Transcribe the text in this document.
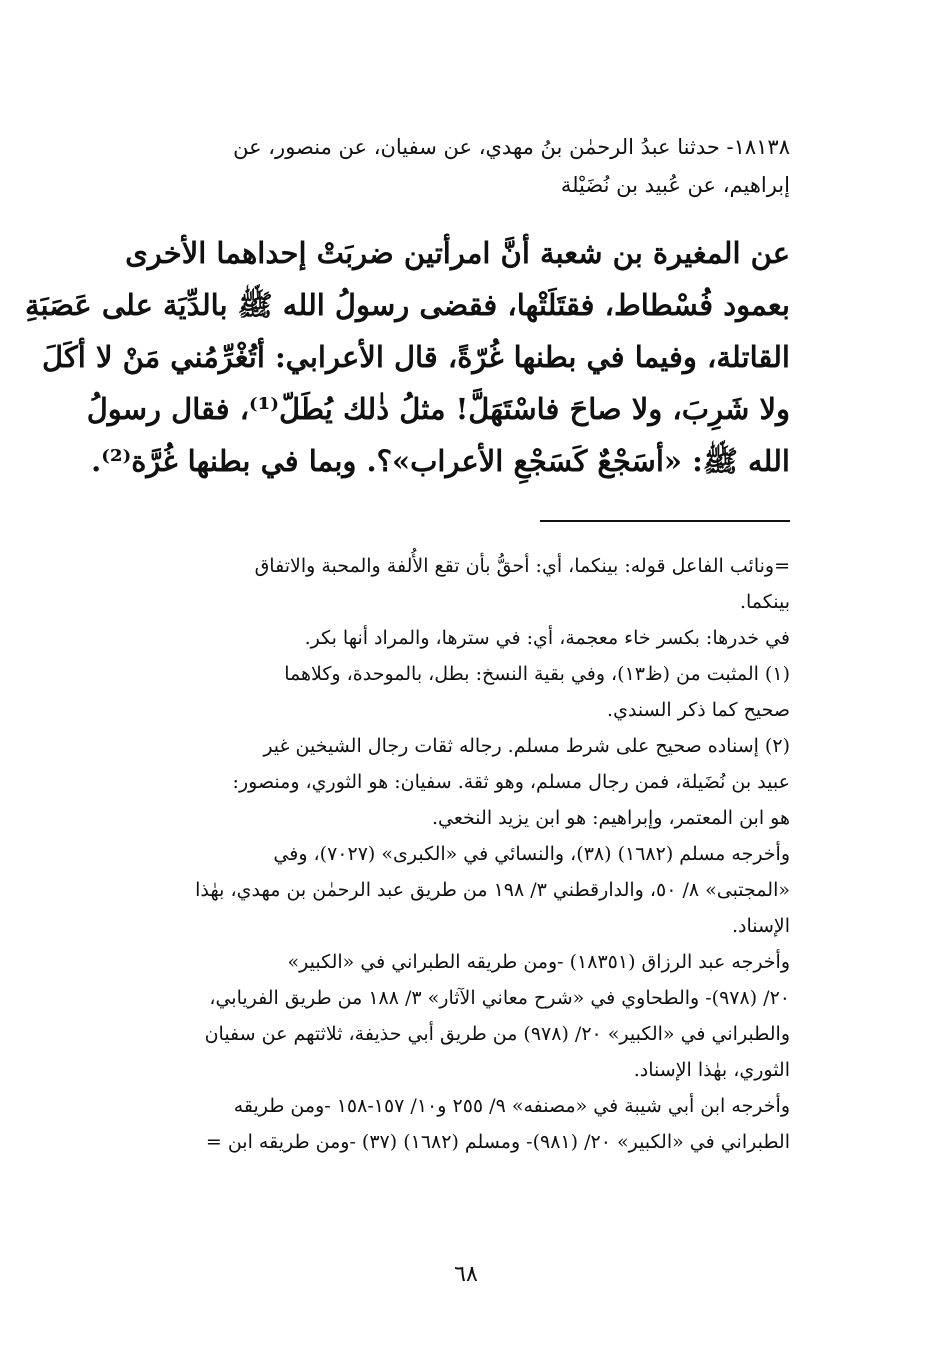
١٨١٣٨- حدثنا عبدُ الرحمٰن بنُ مهدي، عن سفيان، عن منصور، عن
إبراهيم، عن عُبيد بن نُضَيْلة
عن المغيرة بن شعبة أنَّ امرأتين ضربَتْ إحداهما الأخرى
بعمود فُسْطاط، فقتَلَتْها، فقضى رسولُ الله ﷺ بالدِّيَة على عَصَبَةِ
القاتلة، وفيما في بطنها غُرّةً، قال الأعرابي: أتُغْرِّمُني مَنْ لا أكَلَ
ولا شَرِبَ، ولا صاحَ فاسْتَهَلَّ! مثلُ ذٰلك يُطَلّ⁽¹⁾، فقال رسولُ
الله ﷺ: «أسَجْعٌ كَسَجْعِ الأعراب»؟. وبما في بطنها غُرَّة⁽²⁾.
=ونائب الفاعل قوله: بينكما، أي: أحقُّ بأن تقع الأُلفة والمحبة والاتفاق
بينكما.
في خدرها: بكسر خاء معجمة، أي: في سترها، والمراد أنها بكر.
(١) المثبت من (ظ١٣)، وفي بقية النسخ: بطل، بالموحدة، وكلاهما
صحيح كما ذكر السندي.
(٢) إسناده صحيح على شرط مسلم. رجاله ثقات رجال الشيخين غير
عبيد بن نُضَيلة، فمن رجال مسلم، وهو ثقة. سفيان: هو الثوري، ومنصور:
هو ابن المعتمر، وإبراهيم: هو ابن يزيد النخعي.
وأخرجه مسلم (١٦٨٢) (٣٨)، والنسائي في «الكبرى» (٧٠٢٧)، وفي
«المجتبى» ٨/ ٥٠، والدارقطني ٣/ ١٩٨ من طريق عبد الرحمٰن بن مهدي، بهٰذا
الإسناد.
وأخرجه عبد الرزاق (١٨٣٥١) -ومن طريقه الطبراني في «الكبير»
٢٠/ (٩٧٨)- والطحاوي في «شرح معاني الآثار» ٣/ ١٨٨ من طريق الفريابي،
والطبراني في «الكبير» ٢٠/ (٩٧٨) من طريق أبي حذيفة، ثلاثتهم عن سفيان
الثوري، بهٰذا الإسناد.
وأخرجه ابن أبي شيبة في «مصنفه» ٩/ ٢٥٥ و١٠/ ١٥٧-١٥٨ -ومن طريقه
الطبراني في «الكبير» ٢٠/ (٩٨١)- ومسلم (١٦٨٢) (٣٧) -ومن طريقه ابن =
٦٨
